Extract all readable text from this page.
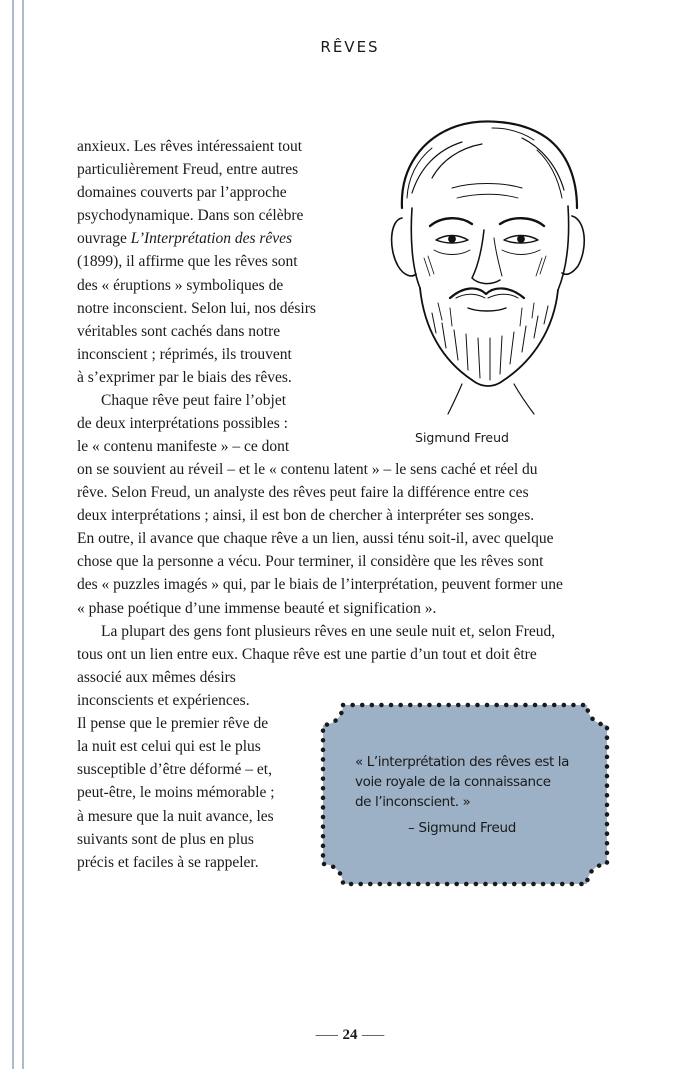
RÊVES

anxieux. Les rêves intéressaient tout

particulièrement Freud, entre autres

domaines couverts par l’approche

psychodynamique. Dans son célèbre

ouvrage L’Interprétation des rêves

(1899), il affirme que les rêves sont

des « éruptions » symboliques de

notre inconscient. Selon lui, nos désirs

véritables sont cachés dans notre

inconscient ; réprimés, ils trouvent

à s’exprimer par le biais des rêves.

Chaque rêve peut faire l’objet

de deux interprétations possibles :

le « contenu manifeste » – ce dont

on se souvient au réveil – et le « contenu latent » – le sens caché et réel du

rêve. Selon Freud, un analyste des rêves peut faire la différence entre ces

deux interprétations ; ainsi, il est bon de chercher à interpréter ses songes.

En outre, il avance que chaque rêve a un lien, aussi ténu soit-il, avec quelque

chose que la personne a vécu. Pour terminer, il considère que les rêves sont

des « puzzles imagés » qui, par le biais de l’interprétation, peuvent former une

« phase poétique d’une immense beauté et signification ».

La plupart des gens font plusieurs rêves en une seule nuit et, selon Freud,

tous ont un lien entre eux. Chaque rêve est une partie d’un tout et doit être

associé aux mêmes désirs

inconscients et expériences.

Il pense que le premier rêve de

la nuit est celui qui est le plus

susceptible d’être déformé – et,

peut-être, le moins mémorable ;

à mesure que la nuit avance, les

suivants sont de plus en plus

précis et faciles à se rappeler.

Sigmund Freud
« L’interprétation des rêves est la
voie royale de la connaissance
de l’inconscient. »
– Sigmund Freud
⸺ 24 ⸺
